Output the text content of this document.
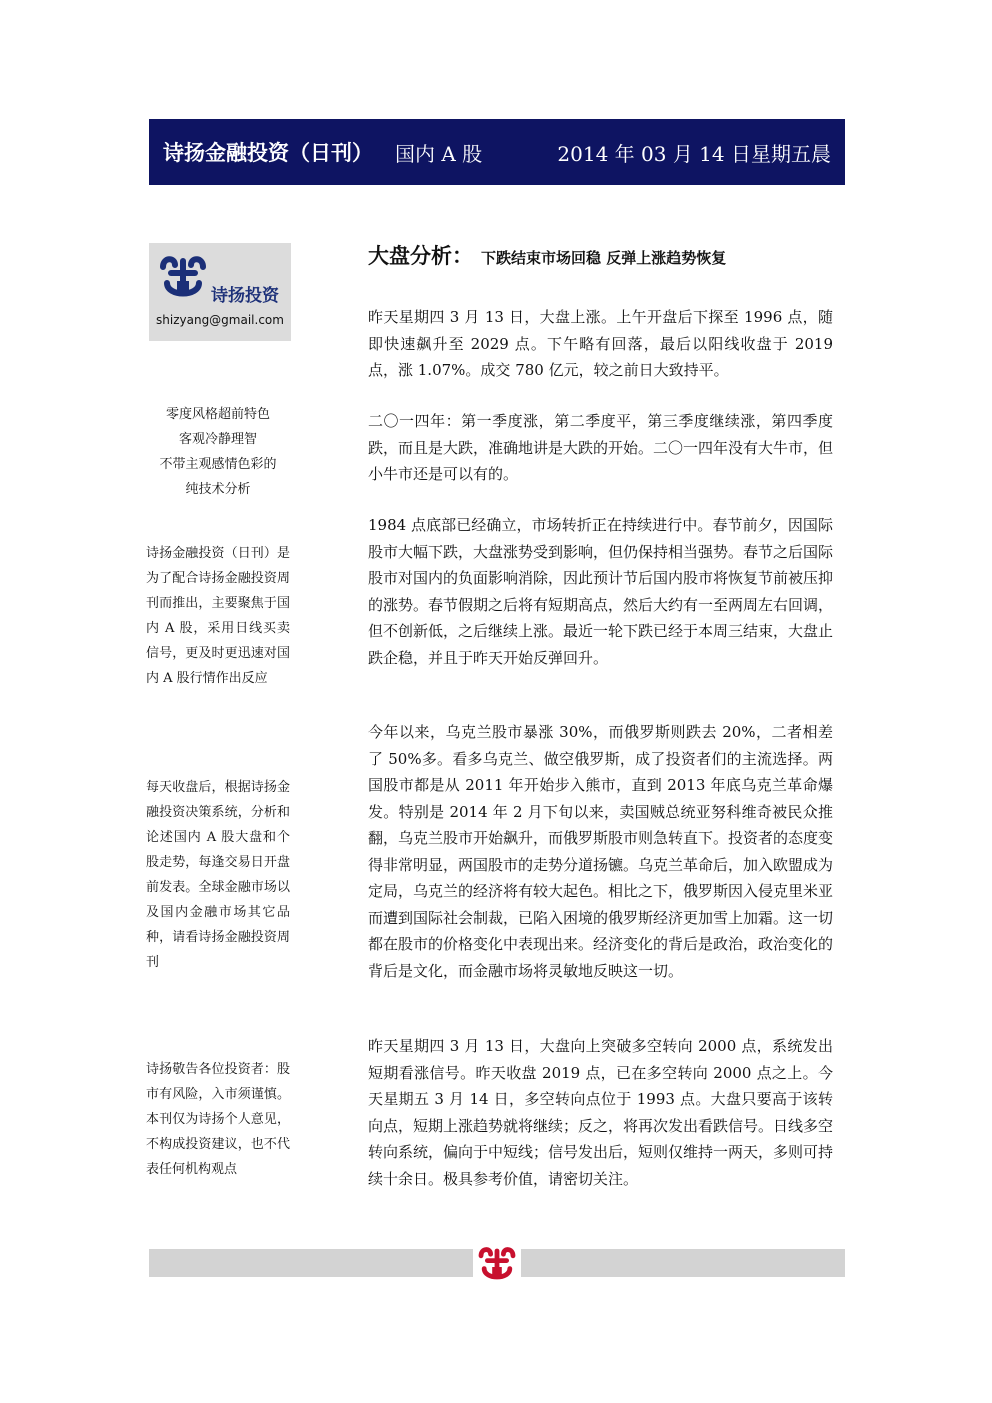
诗扬金融投资（日刊） 国内 A 股	2014 年 03 月 14 日星期五晨
诗扬投资
shizyang@gmail.com
零度风格超前特色
客观冷静理智
不带主观感情色彩的
纯技术分析

诗扬金融投资（日刊）是为了配合诗扬金融投资周刊而推出，主要聚焦于国内 A 股，采用日线买卖信号，更及时更迅速对国内 A 股行情作出反应

每天收盘后，根据诗扬金融投资决策系统，分析和论述国内 A 股大盘和个股走势，每逢交易日开盘前发表。全球金融市场以及国内金融市场其它品种，请看诗扬金融投资周刊

诗扬敬告各位投资者：股市有风险，入市须谨慎。本刊仅为诗扬个人意见，不构成投资建议，也不代表任何机构观点

大盘分析： 下跌结束市场回稳 反弹上涨趋势恢复

昨天星期四 3 月 13 日，大盘上涨。上午开盘后下探至 1996 点，随即快速飙升至 2029 点。下午略有回落，最后以阳线收盘于 2019 点，涨 1.07%。成交 780 亿元，较之前日大致持平。

二〇一四年：第一季度涨，第二季度平，第三季度继续涨，第四季度跌，而且是大跌，准确地讲是大跌的开始。二〇一四年没有大牛市，但小牛市还是可以有的。

1984 点底部已经确立，市场转折正在持续进行中。春节前夕，因国际股市大幅下跌，大盘涨势受到影响，但仍保持相当强势。春节之后国际股市对国内的负面影响消除，因此预计节后国内股市将恢复节前被压抑的涨势。春节假期之后将有短期高点，然后大约有一至两周左右回调，但不创新低，之后继续上涨。最近一轮下跌已经于本周三结束，大盘止跌企稳，并且于昨天开始反弹回升。

今年以来，乌克兰股市暴涨 30%，而俄罗斯则跌去 20%，二者相差了 50%多。看多乌克兰、做空俄罗斯，成了投资者们的主流选择。两国股市都是从 2011 年开始步入熊市，直到 2013 年底乌克兰革命爆发。特别是 2014 年 2 月下旬以来，卖国贼总统亚努科维奇被民众推翻，乌克兰股市开始飙升，而俄罗斯股市则急转直下。投资者的态度变得非常明显，两国股市的走势分道扬镳。乌克兰革命后，加入欧盟成为定局，乌克兰的经济将有较大起色。相比之下，俄罗斯因入侵克里米亚而遭到国际社会制裁，已陷入困境的俄罗斯经济更加雪上加霜。这一切都在股市的价格变化中表现出来。经济变化的背后是政治，政治变化的背后是文化，而金融市场将灵敏地反映这一切。

昨天星期四 3 月 13 日，大盘向上突破多空转向 2000 点，系统发出短期看涨信号。昨天收盘 2019 点，已在多空转向 2000 点之上。今天星期五 3 月 14 日，多空转向点位于 1993 点。大盘只要高于该转向点，短期上涨趋势就将继续；反之，将再次发出看跌信号。日线多空转向系统，偏向于中短线；信号发出后，短则仅维持一两天，多则可持续十余日。极具参考价值，请密切关注。
